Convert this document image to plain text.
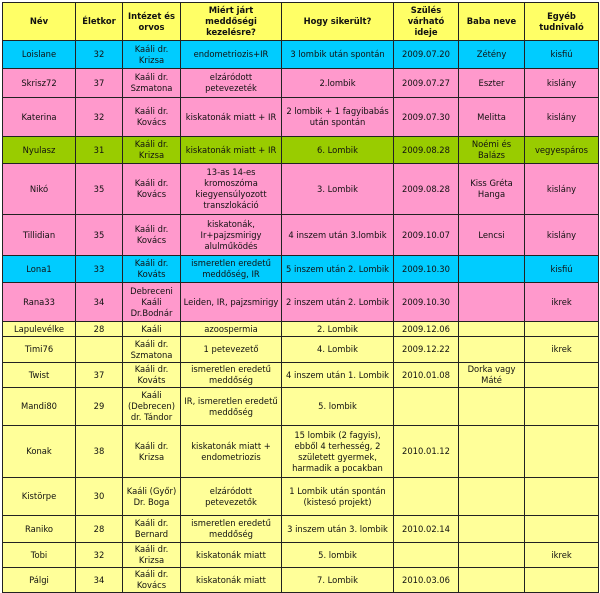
Név	Életkor	Intézet és orvos	Miért járt meddőségi kezelésre?	Hogy sikerült?	Szülés várható ideje	Baba neve	Egyéb tudnivaló
Loislane	32	Kaáli dr. Krizsa	endometriozis+IR	3 lombik után spontán	2009.07.20	Zétény	kisfiú
Skrisz72	37	Kaáli dr. Szmatona	elzáródott petevezeték	2.lombik	2009.07.27	Eszter	kislány
Katerina	32	Kaáli dr. Kovács	kiskatonák miatt + IR	2 lombik + 1 fagyibabás után spontán	2009.07.30	Melitta	kislány
Nyulasz	31	Kaáli dr. Krizsa	kiskatonák miatt + IR	6. Lombik	2009.08.28	Noémi és Balázs	vegyespáros
Nikó	35	Kaáli dr. Kovács	13-as 14-es kromoszóma kiegyensúlyozott transzlokáció	3. Lombik	2009.08.28	Kiss Gréta Hanga	kislány
Tillidian	35	Kaáli dr. Kovács	kiskatonák, Ir+pajzsmirigy alulműködés	4 inszem után 3.lombik	2009.10.07	Lencsi	kislány
Lona1	33	Kaáli dr. Kováts	ismeretlen eredetű meddőség, IR	5 inszem után 2. Lombik	2009.10.30		kisfiú
Rana33	34	Debreceni Kaáli Dr.Bodnár	Leiden, IR, pajzsmirigy	2 inszem után 2. Lombik	2009.10.30		ikrek
Lapulevélke	28	Kaáli	azoospermia	2. Lombik	2009.12.06		
Timi76		Kaáli dr. Szmatona	1 petevezető	4. Lombik	2009.12.22		ikrek
Twist	37	Kaáli dr. Kováts	ismeretlen eredetű meddőség	4 inszem után 1. Lombik	2010.01.08	Dorka vagy Máté	
Mandi80	29	Kaáli (Debrecen) dr. Tándor	IR, ismeretlen eredetű meddőség	5. lombik			
Konak	38	Kaáli dr. Krizsa	kiskatonák miatt + endometriozis	15 lombik (2 fagyis), ebből 4 terhesség, 2 született gyermek, harmadik a pocakban	2010.01.12		
Kistörpe	30	Kaáli (Győr) Dr. Boga	elzáródott petevezetők	1 Lombik után spontán (kistesó projekt)			
Raniko	28	Kaáli dr. Bernard	ismeretlen eredetű meddőség	3 inszem után 3. lombik	2010.02.14		
Tobi	32	Kaáli dr. Krizsa	kiskatonák miatt	5. lombik			ikrek
Pálgi	34	Kaáli dr. Kovács	kiskatonák miatt	7. Lombik	2010.03.06		
